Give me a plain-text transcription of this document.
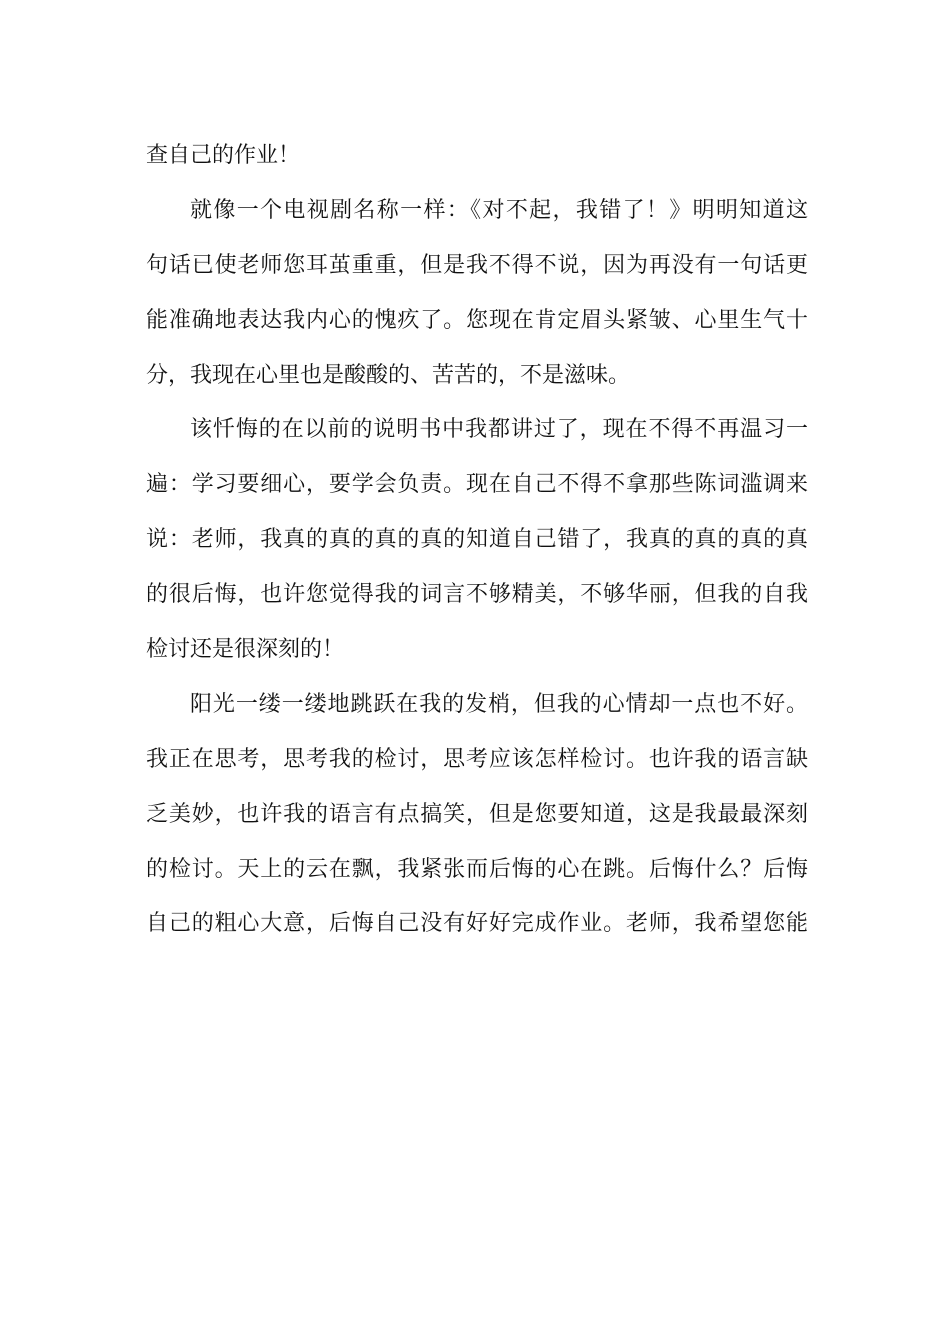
查自己的作业！
就像一个电视剧名称一样：《对不起，我错了！》明明知道这
句话已使老师您耳茧重重，但是我不得不说，因为再没有一句话更
能准确地表达我内心的愧疚了。您现在肯定眉头紧皱、心里生气十
分，我现在心里也是酸酸的、苦苦的，不是滋味。
该忏悔的在以前的说明书中我都讲过了，现在不得不再温习一
遍：学习要细心，要学会负责。现在自己不得不拿那些陈词滥调来
说：老师，我真的真的真的真的知道自己错了，我真的真的真的真
的很后悔，也许您觉得我的词言不够精美，不够华丽，但我的自我
检讨还是很深刻的！
阳光一缕一缕地跳跃在我的发梢，但我的心情却一点也不好。
我正在思考，思考我的检讨，思考应该怎样检讨。也许我的语言缺
乏美妙，也许我的语言有点搞笑，但是您要知道，这是我最最深刻
的检讨。天上的云在飘，我紧张而后悔的心在跳。后悔什么？后悔
自己的粗心大意，后悔自己没有好好完成作业。老师，我希望您能
